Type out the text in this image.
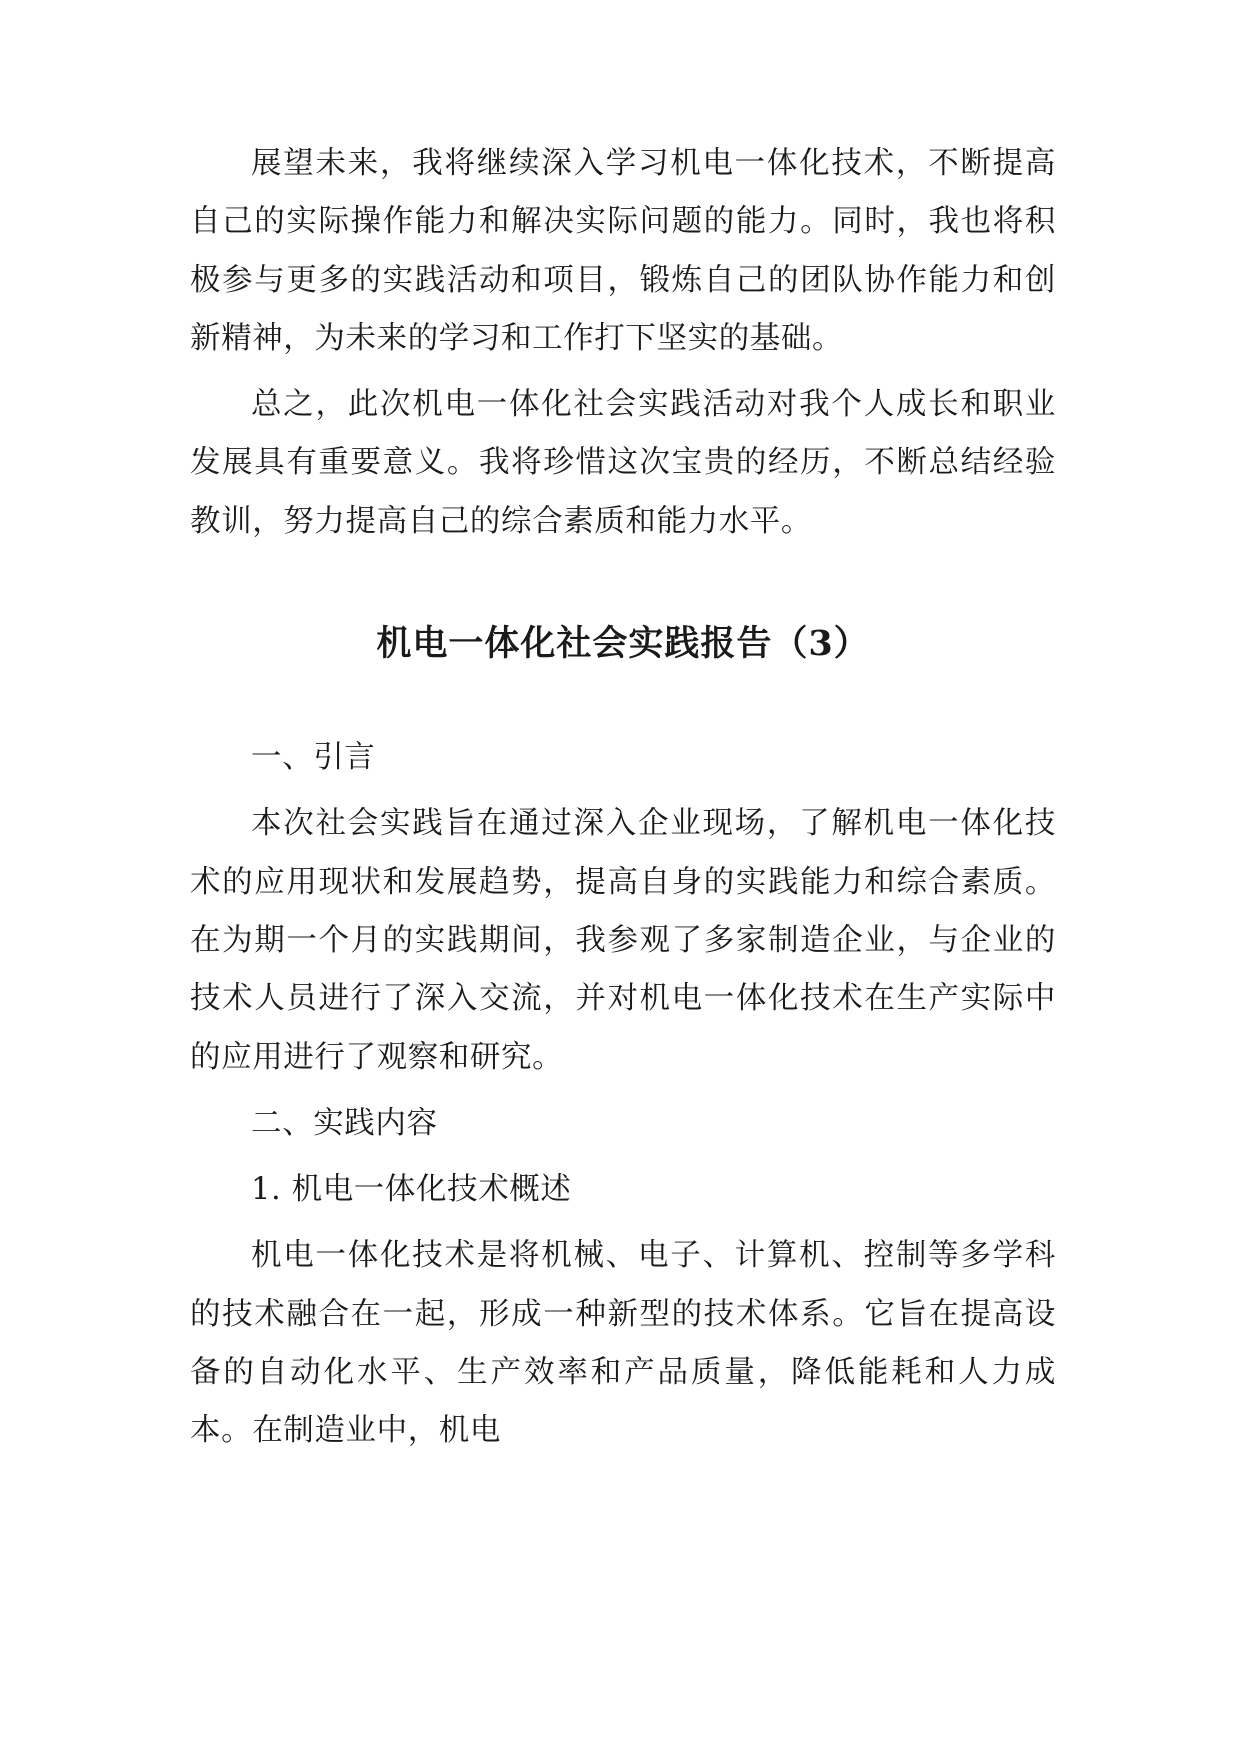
展望未来，我将继续深入学习机电一体化技术，不断提高自己的实际操作能力和解决实际问题的能力。同时，我也将积极参与更多的实践活动和项目，锻炼自己的团队协作能力和创新精神，为未来的学习和工作打下坚实的基础。

总之，此次机电一体化社会实践活动对我个人成长和职业发展具有重要意义。我将珍惜这次宝贵的经历，不断总结经验教训，努力提高自己的综合素质和能力水平。

机电一体化社会实践报告（3）

一、引言

本次社会实践旨在通过深入企业现场，了解机电一体化技术的应用现状和发展趋势，提高自身的实践能力和综合素质。在为期一个月的实践期间，我参观了多家制造企业，与企业的技术人员进行了深入交流，并对机电一体化技术在生产实际中的应用进行了观察和研究。

二、实践内容

1. 机电一体化技术概述

机电一体化技术是将机械、电子、计算机、控制等多学科的技术融合在一起，形成一种新型的技术体系。它旨在提高设备的自动化水平、生产效率和产品质量，降低能耗和人力成本。在制造业中，机电
